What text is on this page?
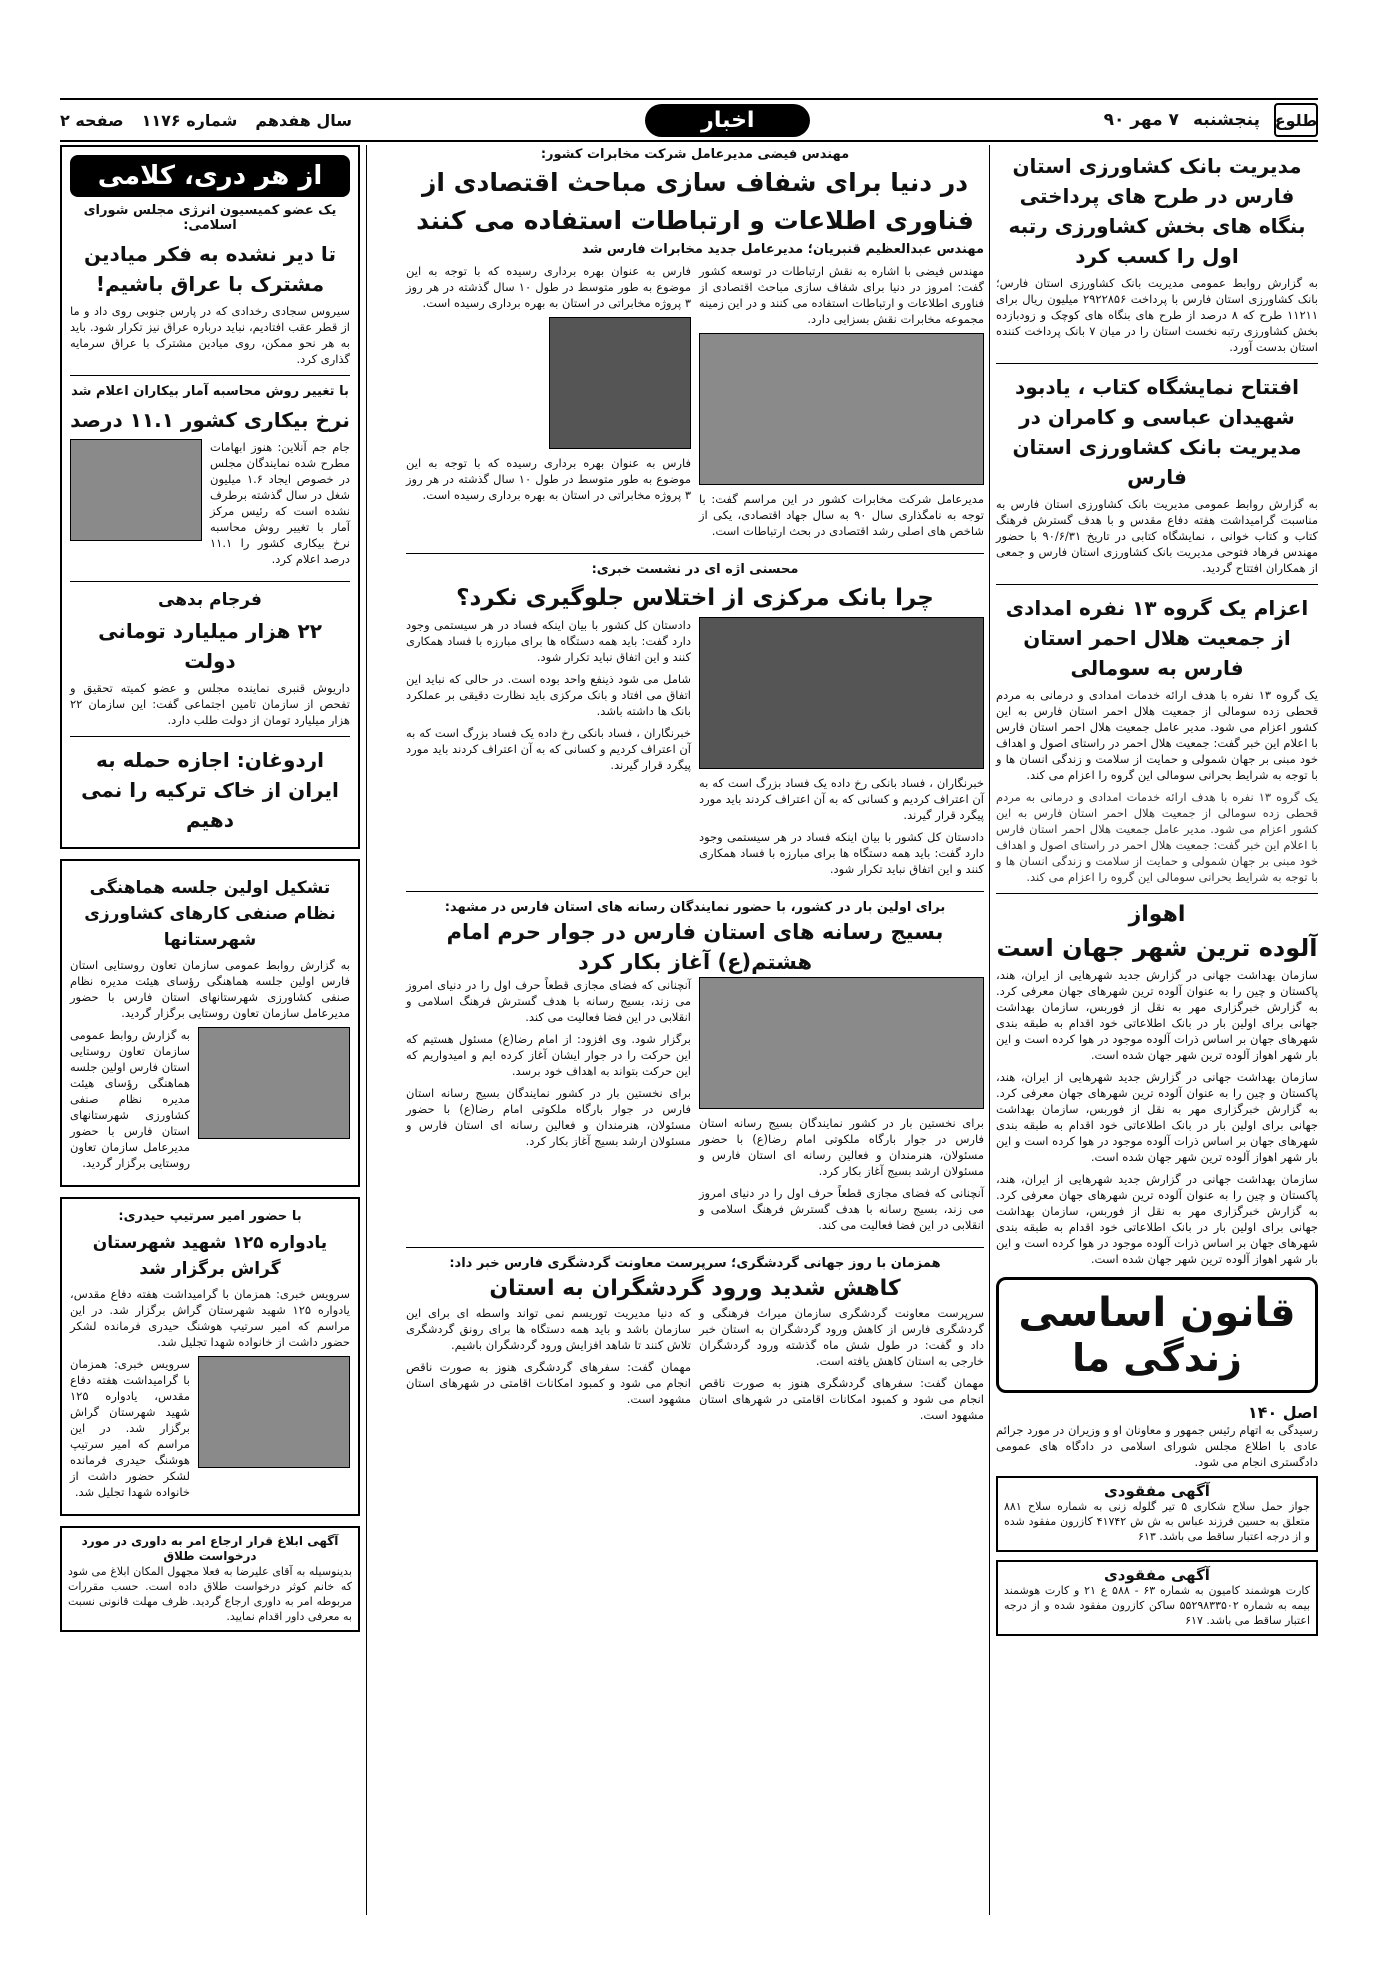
طلوع
پنجشنبه
۷ مهر ۹۰
اخبار
سال هفدهم
شماره ۱۱۷۶
صفحه ۲
مدیریت بانک کشاورزی استان فارس در طرح های پرداختی بنگاه های بخش کشاورزی رتبه اول را کسب کرد

به گزارش روابط عمومی مدیریت بانک کشاورزی استان فارس؛ بانک کشاورزی استان فارس با پرداخت ۲۹۲۲۸۵۶ میلیون ریال برای ۱۱۲۱۱ طرح که ۸ درصد از طرح های بنگاه های کوچک و زودبازده بخش کشاورزی رتبه نخست استان را در میان ۷ بانک پرداخت کننده استان بدست آورد.

افتتاح نمایشگاه کتاب ، یادبود شهیدان عباسی و کامران در مدیریت بانک کشاورزی استان فارس

به گزارش روابط عمومی مدیریت بانک کشاورزی استان فارس به مناسبت گرامیداشت هفته دفاع مقدس و با هدف گسترش فرهنگ کتاب و کتاب خوانی ، نمایشگاه کتابی در تاریخ ۹۰/۶/۳۱ با حضور مهندس فرهاد فتوحی مدیریت بانک کشاورزی استان فارس و جمعی از همکاران افتتاح گردید.

اعزام یک گروه ۱۳ نفره امدادی از جمعیت هلال احمر استان فارس به سومالی

یک گروه ۱۳ نفره با هدف ارائه خدمات امدادی و درمانی به مردم قحطی زده سومالی از جمعیت هلال احمر استان فارس به این کشور اعزام می شود. مدیر عامل جمعیت هلال احمر استان فارس با اعلام این خبر گفت: جمعیت هلال احمر در راستای اصول و اهداف خود مبنی بر جهان شمولی و حمایت از سلامت و زندگی انسان ها و با توجه به شرایط بحرانی سومالی این گروه را اعزام می کند.

یک گروه ۱۳ نفره با هدف ارائه خدمات امدادی و درمانی به مردم قحطی زده سومالی از جمعیت هلال احمر استان فارس به این کشور اعزام می شود. مدیر عامل جمعیت هلال احمر استان فارس با اعلام این خبر گفت: جمعیت هلال احمر در راستای اصول و اهداف خود مبنی بر جهان شمولی و حمایت از سلامت و زندگی انسان ها و با توجه به شرایط بحرانی سومالی این گروه را اعزام می کند.

اهواز
آلوده ترین شهر جهان است

سازمان بهداشت جهانی در گزارش جدید شهرهایی از ایران، هند، پاکستان و چین را به عنوان آلوده ترین شهرهای جهان معرفی کرد. به گزارش خبرگزاری مهر به نقل از فوربس، سازمان بهداشت جهانی برای اولین بار در بانک اطلاعاتی خود اقدام به طبقه بندی شهرهای جهان بر اساس ذرات آلوده موجود در هوا کرده است و این بار شهر اهواز آلوده ترین شهر جهان شده است.

سازمان بهداشت جهانی در گزارش جدید شهرهایی از ایران، هند، پاکستان و چین را به عنوان آلوده ترین شهرهای جهان معرفی کرد. به گزارش خبرگزاری مهر به نقل از فوربس، سازمان بهداشت جهانی برای اولین بار در بانک اطلاعاتی خود اقدام به طبقه بندی شهرهای جهان بر اساس ذرات آلوده موجود در هوا کرده است و این بار شهر اهواز آلوده ترین شهر جهان شده است.

سازمان بهداشت جهانی در گزارش جدید شهرهایی از ایران، هند، پاکستان و چین را به عنوان آلوده ترین شهرهای جهان معرفی کرد. به گزارش خبرگزاری مهر به نقل از فوربس، سازمان بهداشت جهانی برای اولین بار در بانک اطلاعاتی خود اقدام به طبقه بندی شهرهای جهان بر اساس ذرات آلوده موجود در هوا کرده است و این بار شهر اهواز آلوده ترین شهر جهان شده است.

قانون اساسی
زندگی ما
اصل ۱۴۰

رسیدگی به اتهام رئیس جمهور و معاونان او و وزیران در مورد جرائم عادی با اطلاع مجلس شورای اسلامی در دادگاه های عمومی دادگستری انجام می شود.

آگهی مفقودی

جواز حمل سلاح شکاری ۵ تیر گلوله زنی به شماره سلاح ۸۸۱ متعلق به حسین فرزند عباس به ش ش ۴۱۷۴۲ کازرون مفقود شده و از درجه اعتبار ساقط می باشد. ۶۱۳

آگهی مفقودی

کارت هوشمند کامیون به شماره ۶۳ - ۵۸۸ ع ۲۱ و کارت هوشمند بیمه به شماره ۵۵۲۹۸۳۳۵۰۲ ساکن کازرون مفقود شده و از درجه اعتبار ساقط می باشد. ۶۱۷

مهندس فیضی مدیرعامل شرکت مخابرات کشور:
در دنیا برای شفاف سازی مباحث اقتصادی از فناوری اطلاعات و ارتباطات استفاده می کنند
مهندس عبدالعظیم قنبریان؛ مدیرعامل جدید مخابرات فارس شد

مهندس فیضی با اشاره به نقش ارتباطات در توسعه کشور گفت: امروز در دنیا برای شفاف سازی مباحث اقتصادی از فناوری اطلاعات و ارتباطات استفاده می کنند و در این زمینه مجموعه مخابرات نقش بسزایی دارد.

مدیرعامل شرکت مخابرات کشور در این مراسم گفت: با توجه به نامگذاری سال ۹۰ به سال جهاد اقتصادی، یکی از شاخص های اصلی رشد اقتصادی در بحث ارتباطات است.

فارس به عنوان بهره برداری رسیده که با توجه به این موضوع به طور متوسط در طول ۱۰ سال گذشته در هر روز ۳ پروژه مخابراتی در استان به بهره برداری رسیده است.

فارس به عنوان بهره برداری رسیده که با توجه به این موضوع به طور متوسط در طول ۱۰ سال گذشته در هر روز ۳ پروژه مخابراتی در استان به بهره برداری رسیده است.

محسنی اژه ای در نشست خبری:
چرا بانک مرکزی از اختلاس جلوگیری نکرد؟

خبرنگاران ، فساد بانکی رخ داده یک فساد بزرگ است که به آن اعتراف کردیم و کسانی که به آن اعتراف کردند باید مورد پیگرد قرار گیرند.

دادستان کل کشور با بیان اینکه فساد در هر سیستمی وجود دارد گفت: باید همه دستگاه ها برای مبارزه با فساد همکاری کنند و این اتفاق نباید تکرار شود.

دادستان کل کشور با بیان اینکه فساد در هر سیستمی وجود دارد گفت: باید همه دستگاه ها برای مبارزه با فساد همکاری کنند و این اتفاق نباید تکرار شود.

شامل می شود ذینفع واحد بوده است. در حالی که نباید این اتفاق می افتاد و بانک مرکزی باید نظارت دقیقی بر عملکرد بانک ها داشته باشد.

خبرنگاران ، فساد بانکی رخ داده یک فساد بزرگ است که به آن اعتراف کردیم و کسانی که به آن اعتراف کردند باید مورد پیگرد قرار گیرند.

برای اولین بار در کشور، با حضور نمایندگان رسانه های استان فارس در مشهد:
بسیج رسانه های استان فارس در جوار حرم امام هشتم(ع) آغاز بکار کرد

برای نخستین بار در کشور نمایندگان بسیج رسانه استان فارس در جوار بارگاه ملکوتی امام رضا(ع) با حضور مسئولان، هنرمندان و فعالین رسانه ای استان فارس و مسئولان ارشد بسیج آغاز بکار کرد.

آنچنانی که فضای مجازی قطعاً حرف اول را در دنیای امروز می زند، بسیج رسانه با هدف گسترش فرهنگ اسلامی و انقلابی در این فضا فعالیت می کند.

آنچنانی که فضای مجازی قطعاً حرف اول را در دنیای امروز می زند، بسیج رسانه با هدف گسترش فرهنگ اسلامی و انقلابی در این فضا فعالیت می کند.

برگزار شود. وی افزود: از امام رضا(ع) مسئول هستیم که این حرکت را در جوار ایشان آغاز کرده ایم و امیدواریم که این حرکت بتواند به اهداف خود برسد.

برای نخستین بار در کشور نمایندگان بسیج رسانه استان فارس در جوار بارگاه ملکوتی امام رضا(ع) با حضور مسئولان، هنرمندان و فعالین رسانه ای استان فارس و مسئولان ارشد بسیج آغاز بکار کرد.

همزمان با روز جهانی گردشگری؛ سرپرست معاونت گردشگری فارس خبر داد:
کاهش شدید ورود گردشگران به استان

سرپرست معاونت گردشگری سازمان میراث فرهنگی و گردشگری فارس از کاهش ورود گردشگران به استان خبر داد و گفت: در طول شش ماه گذشته ورود گردشگران خارجی به استان کاهش یافته است.

مهمان گفت: سفرهای گردشگری هنوز به صورت ناقص انجام می شود و کمبود امکانات اقامتی در شهرهای استان مشهود است.

که دنیا مدیریت توریسم نمی تواند واسطه ای برای این سازمان باشد و باید همه دستگاه ها برای رونق گردشگری تلاش کنند تا شاهد افزایش ورود گردشگران باشیم.

مهمان گفت: سفرهای گردشگری هنوز به صورت ناقص انجام می شود و کمبود امکانات اقامتی در شهرهای استان مشهود است.

از هر دری، کلامی
یک عضو کمیسیون انرژی مجلس شورای اسلامی:
تا دیر نشده به فکر میادین مشترک با عراق باشیم!

سیروس سجادی رخدادی که در پارس جنوبی روی داد و ما از قطر عقب افتادیم، نباید درباره عراق نیز تکرار شود. باید به هر نحو ممکن، روی میادین مشترک با عراق سرمایه گذاری کرد.

با تغییر روش محاسبه آمار بیکاران اعلام شد
نرخ بیکاری کشور ۱۱.۱ درصد

جام جم آنلاین: هنوز ابهامات مطرح شده نمایندگان مجلس در خصوص ایجاد ۱.۶ میلیون شغل در سال گذشته برطرف نشده است که رئیس مرکز آمار با تغییر روش محاسبه نرخ بیکاری کشور را ۱۱.۱ درصد اعلام کرد.

فرجام بدهی
۲۲ هزار میلیارد تومانی دولت

داریوش قنبری نماینده مجلس و عضو کمیته تحقیق و تفحص از سازمان تامین اجتماعی گفت: این سازمان ۲۲ هزار میلیارد تومان از دولت طلب دارد.

اردوغان: اجازه حمله به ایران از خاک ترکیه را نمی دهیم
تشکیل اولین جلسه هماهنگی نظام صنفی کارهای کشاورزی شهرستانها

به گزارش روابط عمومی سازمان تعاون روستایی استان فارس اولین جلسه هماهنگی رؤسای هیئت مدیره نظام صنفی کشاورزی شهرستانهای استان فارس با حضور مدیرعامل سازمان تعاون روستایی برگزار گردید.

به گزارش روابط عمومی سازمان تعاون روستایی استان فارس اولین جلسه هماهنگی رؤسای هیئت مدیره نظام صنفی کشاورزی شهرستانهای استان فارس با حضور مدیرعامل سازمان تعاون روستایی برگزار گردید.

با حضور امیر سرتیپ حیدری:
یادواره ۱۲۵ شهید شهرستان گراش برگزار شد

سرویس خبری: همزمان با گرامیداشت هفته دفاع مقدس، یادواره ۱۲۵ شهید شهرستان گراش برگزار شد. در این مراسم که امیر سرتیپ هوشنگ حیدری فرمانده لشکر حضور داشت از خانواده شهدا تجلیل شد.

سرویس خبری: همزمان با گرامیداشت هفته دفاع مقدس، یادواره ۱۲۵ شهید شهرستان گراش برگزار شد. در این مراسم که امیر سرتیپ هوشنگ حیدری فرمانده لشکر حضور داشت از خانواده شهدا تجلیل شد.

آگهی ابلاغ قرار ارجاع امر به داوری در مورد درخواست طلاق

بدینوسیله به آقای علیرضا به فعلا مجهول المکان ابلاغ می شود که خانم کوثر درخواست طلاق داده است. حسب مقررات مربوطه امر به داوری ارجاع گردید. ظرف مهلت قانونی نسبت به معرفی داور اقدام نمایید.
